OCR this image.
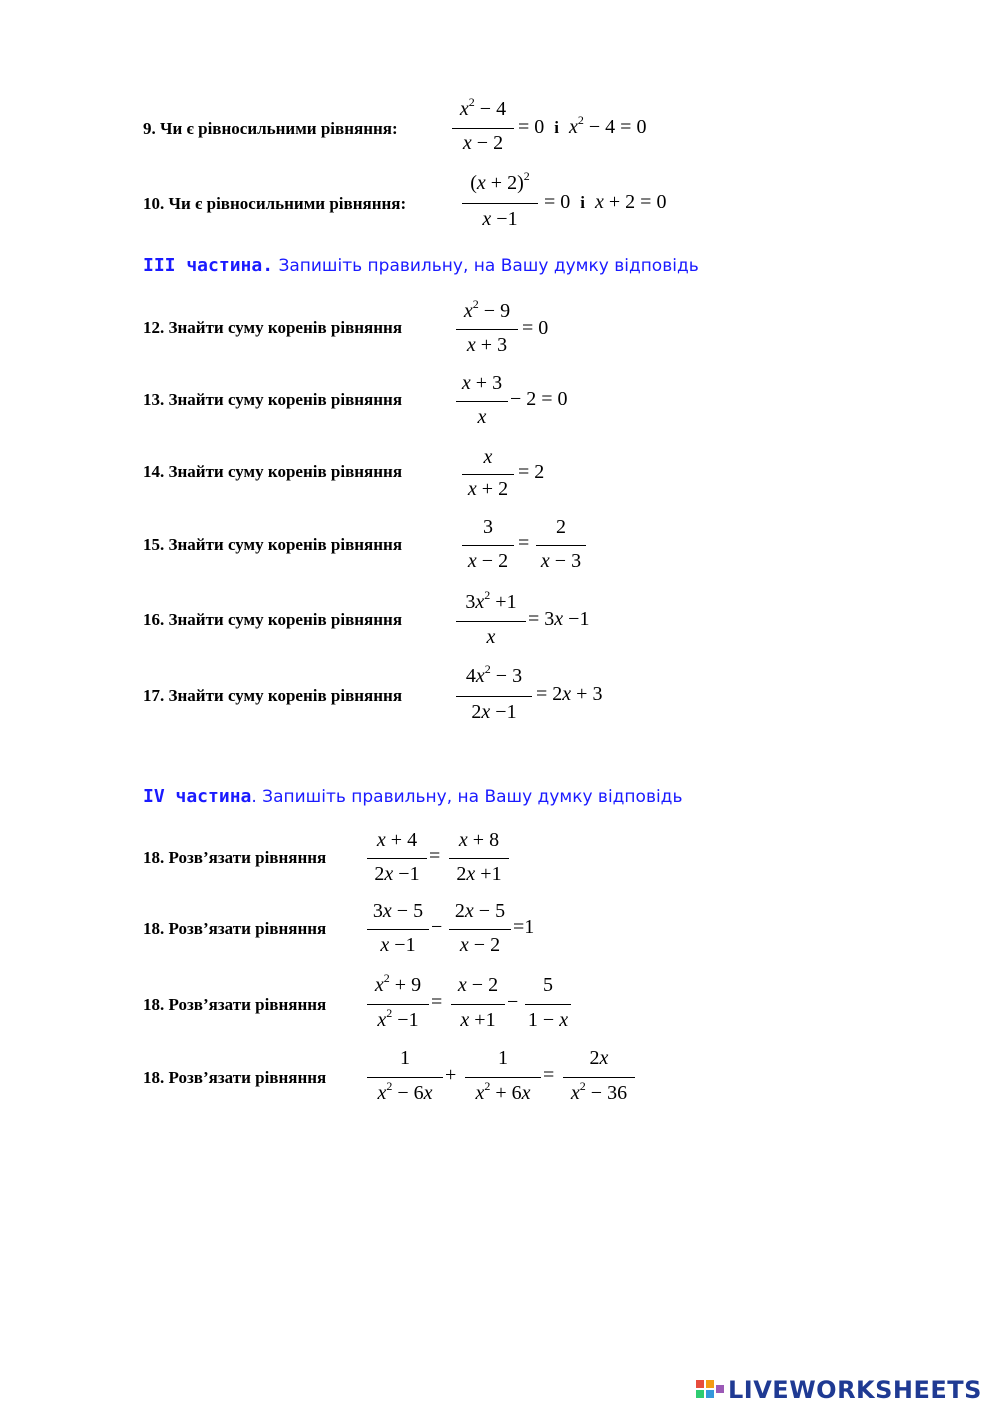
9. Чи є рівносильними рівняння:
$x^2 - 4$
x − 2
= 0  і $x^2 - 4 = 0$
10. Чи є рівносильними рівняння:
$(x + 2)^2$
x −1
= 0  і x + 2 = 0
ІІІ частина. Запишіть правильну, на Вашу думку відповідь
12. Знайти суму коренів рівняння
$x^2 - 9$
x + 3
= 0
13. Знайти суму коренів рівняння
x + 3
x
− 2 = 0
14. Знайти суму коренів рівняння
x
x + 2
= 2
15. Знайти суму коренів рівняння
3
x − 2
=
2
x − 3
16. Знайти суму коренів рівняння
$3x^2 +1$
x
= 3x −1
17. Знайти суму коренів рівняння
$4x^2 - 3$
2x −1
= 2x + 3
ІV частина. Запишіть правильну, на Вашу думку відповідь
18. Розв’язати рівняння
x + 4
2x −1
=
x + 8
2x +1
18. Розв’язати рівняння
3x − 5
x −1
−
2x − 5
x − 2
=1
18. Розв’язати рівняння
$x^2 + 9$
$x^2 -1$
=
x − 2
x +1
−
5
1 − x
18. Розв’язати рівняння
1
$x^2 - 6x$
+
1
$x^2 + 6x$
=
2x
$x^2 - 36$
LIVEWORKSHEETS
